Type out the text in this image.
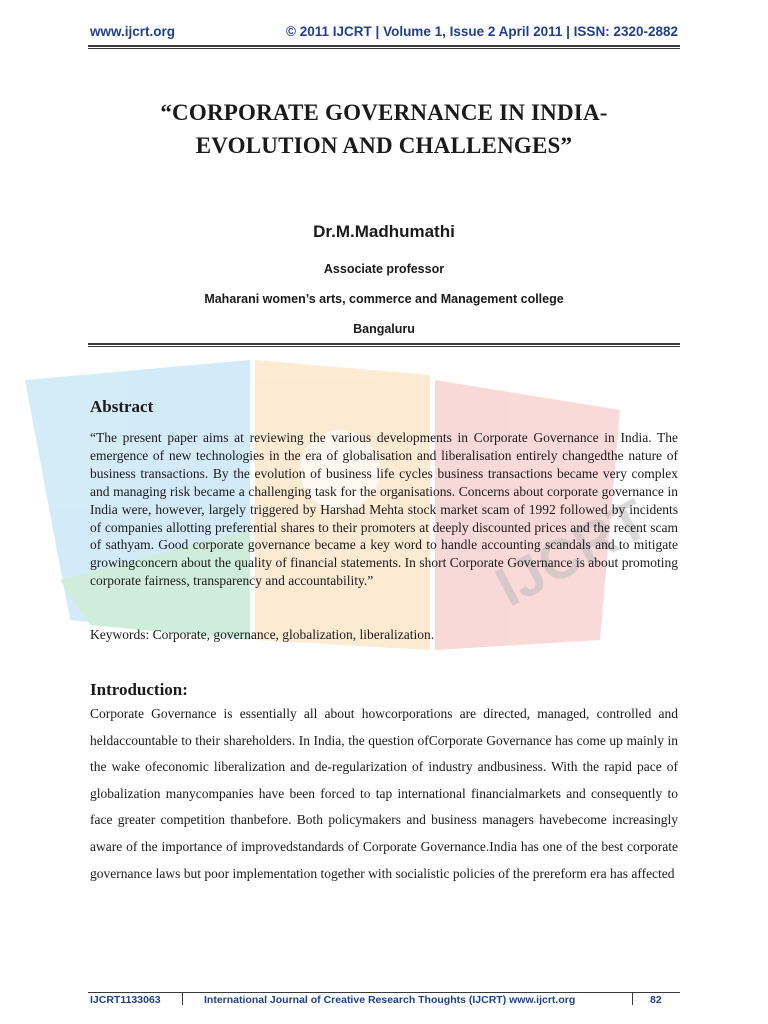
www.ijcrt.org	© 2011 IJCRT | Volume 1, Issue 2 April 2011 | ISSN: 2320-2882
IJCRT
“CORPORATE GOVERNANCE IN INDIA-
EVOLUTION AND CHALLENGES”
Dr.M.Madhumathi
Associate professor
Maharani women’s arts, commerce and Management college
Bangaluru
Abstract

“The present paper aims at reviewing the various developments in Corporate Governance in India. The emergence of new technologies in the era of globalisation and liberalisation entirely changedthe nature of business transactions. By the evolution of business life cycles business transactions became very complex and managing risk became a challenging task for the organisations. Concerns about corporate governance in India were, however, largely triggered by Harshad Mehta stock market scam of 1992 followed by incidents of companies allotting preferential shares to their promoters at deeply discounted prices and the recent scam of sathyam. Good corporate governance became a key word to handle accounting scandals and to mitigate growingconcern about the quality of financial statements. In short Corporate Governance is about promoting corporate fairness, transparency and accountability.”

Keywords: Corporate, governance, globalization, liberalization.
Introduction:

Corporate Governance is essentially all about howcorporations are directed, managed, controlled and heldaccountable to their shareholders. In India, the question ofCorporate Governance has come up mainly in the wake ofeconomic liberalization and de-regularization of industry andbusiness. With the rapid pace of globalization manycompanies have been forced to tap international financialmarkets and consequently to face greater competition thanbefore. Both policymakers and business managers havebecome increasingly aware of the importance of improvedstandards of Corporate Governance.India has one of the best corporate governance laws but poor implementation together with socialistic policies of the prereform era has affected

IJCRT1133063	International Journal of Creative Research Thoughts (IJCRT) www.ijcrt.org	82
